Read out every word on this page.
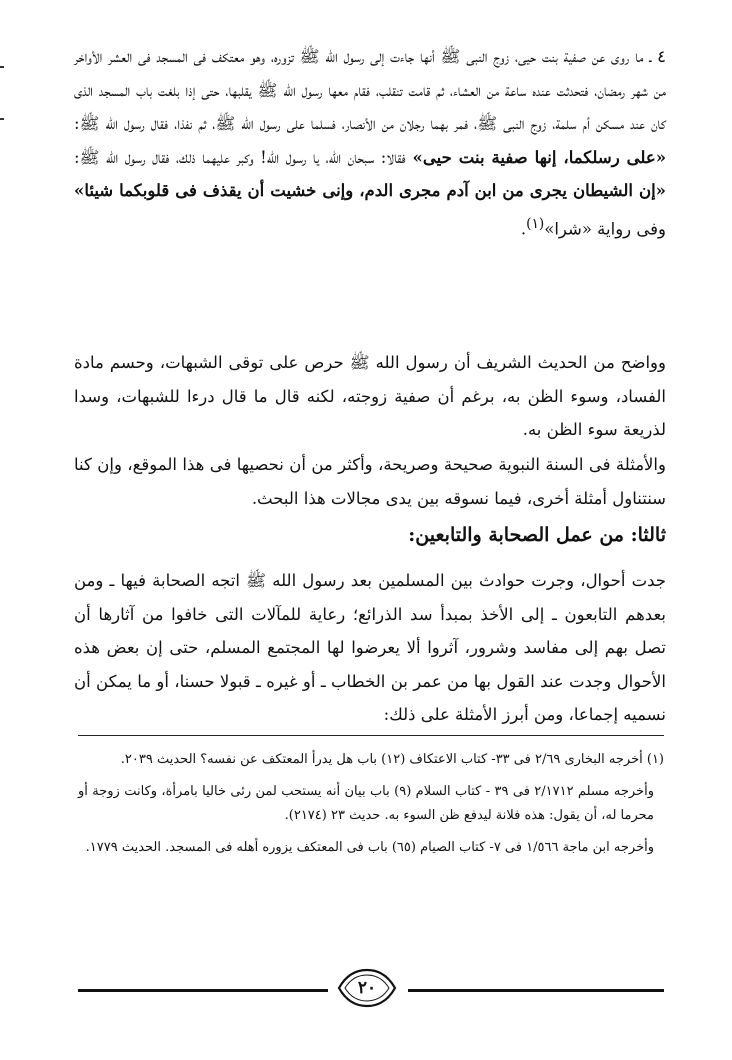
٤ ـ ما روى عن صفية بنت حيى، زوج النبى ﷺ أنها جاءت إلى رسول الله ﷺ تزوره، وهو معتكف فى المسجد فى العشر الأواخر من شهر رمضان، فتحدثت عنده ساعة من العشاء، ثم قامت تنقلب، فقام معها رسول الله ﷺ يقلبها، حتى إذا بلغت باب المسجد الذى كان عند مسكن أم سلمة، زوج النبى ﷺ، فمر بهما رجلان من الأنصار، فسلما على رسول الله ﷺ، ثم نفذا، فقال رسول الله ﷺ: «على رسلكما، إنها صفية بنت حيى» فقالا: سبحان الله، يا رسول الله! وكبر عليهما ذلك، فقال رسول الله ﷺ: «إن الشيطان يجرى من ابن آدم مجرى الدم، وإنى خشيت أن يقذف فى قلوبكما شيئا» وفى رواية «شرا»$^{(١)}$.

وواضح من الحديث الشريف أن رسول الله ﷺ حرص على توقى الشبهات، وحسم مادة الفساد، وسوء الظن به، برغم أن صفية زوجته، لكنه قال ما قال درءا للشبهات، وسدا لذريعة سوء الظن به.

والأمثلة فى السنة النبوية صحيحة وصريحة، وأكثر من أن نحصيها فى هذا الموقع، وإن كنا سنتناول أمثلة أخرى، فيما نسوقه بين يدى مجالات هذا البحث.

ثالثا: من عمل الصحابة والتابعين:

جدت أحوال، وجرت حوادث بين المسلمين بعد رسول الله ﷺ اتجه الصحابة فيها ـ ومن بعدهم التابعون ـ إلى الأخذ بمبدأ سد الذرائع؛ رعاية للمآلات التى خافوا من آثارها أن تصل بهم إلى مفاسد وشرور، آثروا ألا يعرضوا لها المجتمع المسلم، حتى إن بعض هذه الأحوال وجدت عند القول بها من عمر بن الخطاب ـ أو غيره ـ قبولا حسنا، أو ما يمكن أن نسميه إجماعا، ومن أبرز الأمثلة على ذلك:

(١) أخرجه البخارى ٢/٦٩ فى ٣٣- كتاب الاعتكاف (١٢) باب هل يدرأ المعتكف عن نفسه؟ الحديث ٢٠٣٩.

وأخرجه مسلم ٢/١٧١٢ فى ٣٩ - كتاب السلام (٩) باب بيان أنه يستحب لمن رئى خاليا بامرأة، وكانت زوجة أو محرما له، أن يقول: هذه فلانة ليدفع ظن السوء به. حديث ٢٣ (٢١٧٤).

وأخرجه ابن ماجة ١/٥٦٦ فى ٧- كتاب الصيام (٦٥) باب فى المعتكف يزوره أهله فى المسجد. الحديث ١٧٧٩.

٢٠
